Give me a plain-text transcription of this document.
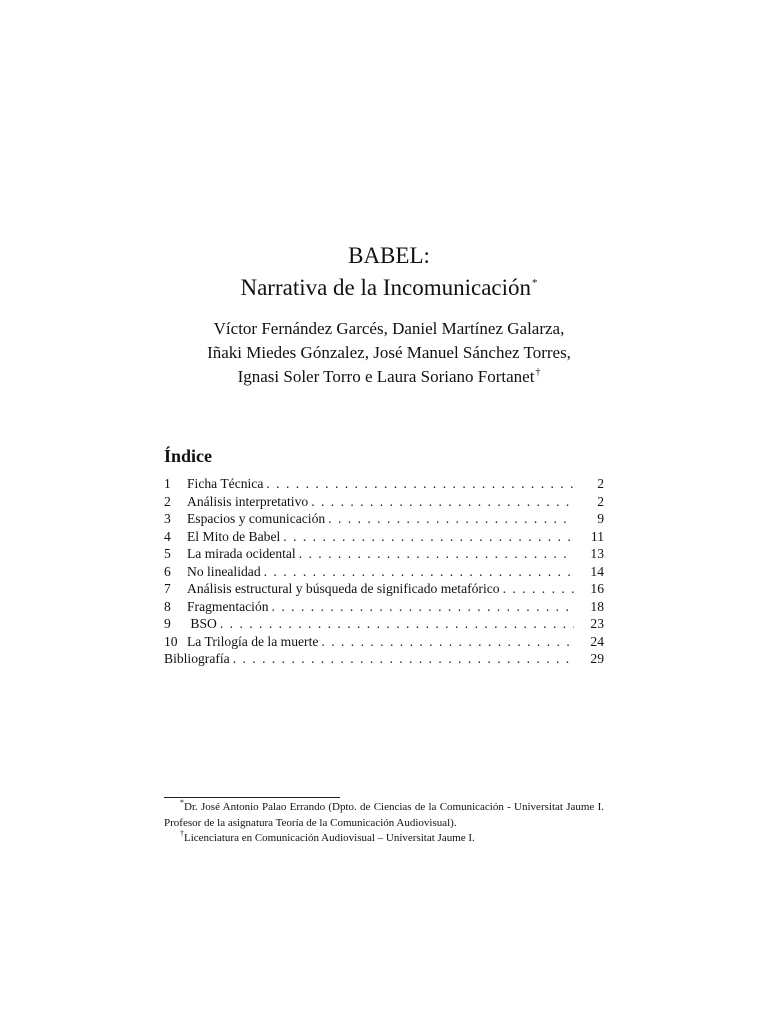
BABEL:
Narrativa de la Incomunicación*
Víctor Fernández Garcés, Daniel Martínez Galarza,
Iñaki Miedes Gónzalez, José Manuel Sánchez Torres,
Ignasi Soler Torro e Laura Soriano Fortanet†
Índice
1	Ficha Técnica . . .	2
2	Análisis interpretativo . . .	2
3	Espacios y comunicación . . .	9
4	El Mito de Babel . . .	11
5	La mirada ocidental . . .	13
6	No linealidad . . .	14
7	Análisis estructural y búsqueda de significado metafórico . . .	16
8	Fragmentación . . .	18
9	BSO . . .	23
10 La Trilogía de la muerte . . .	24
Bibliografía . . .	29
*Dr. José Antonio Palao Errando (Dpto. de Ciencias de la Comunicación - Universitat Jaume I. Profesor de la asignatura Teoría de la Comunicación Audiovisual).
†Licenciatura en Comunicación Audiovisual – Universitat Jaume I.
